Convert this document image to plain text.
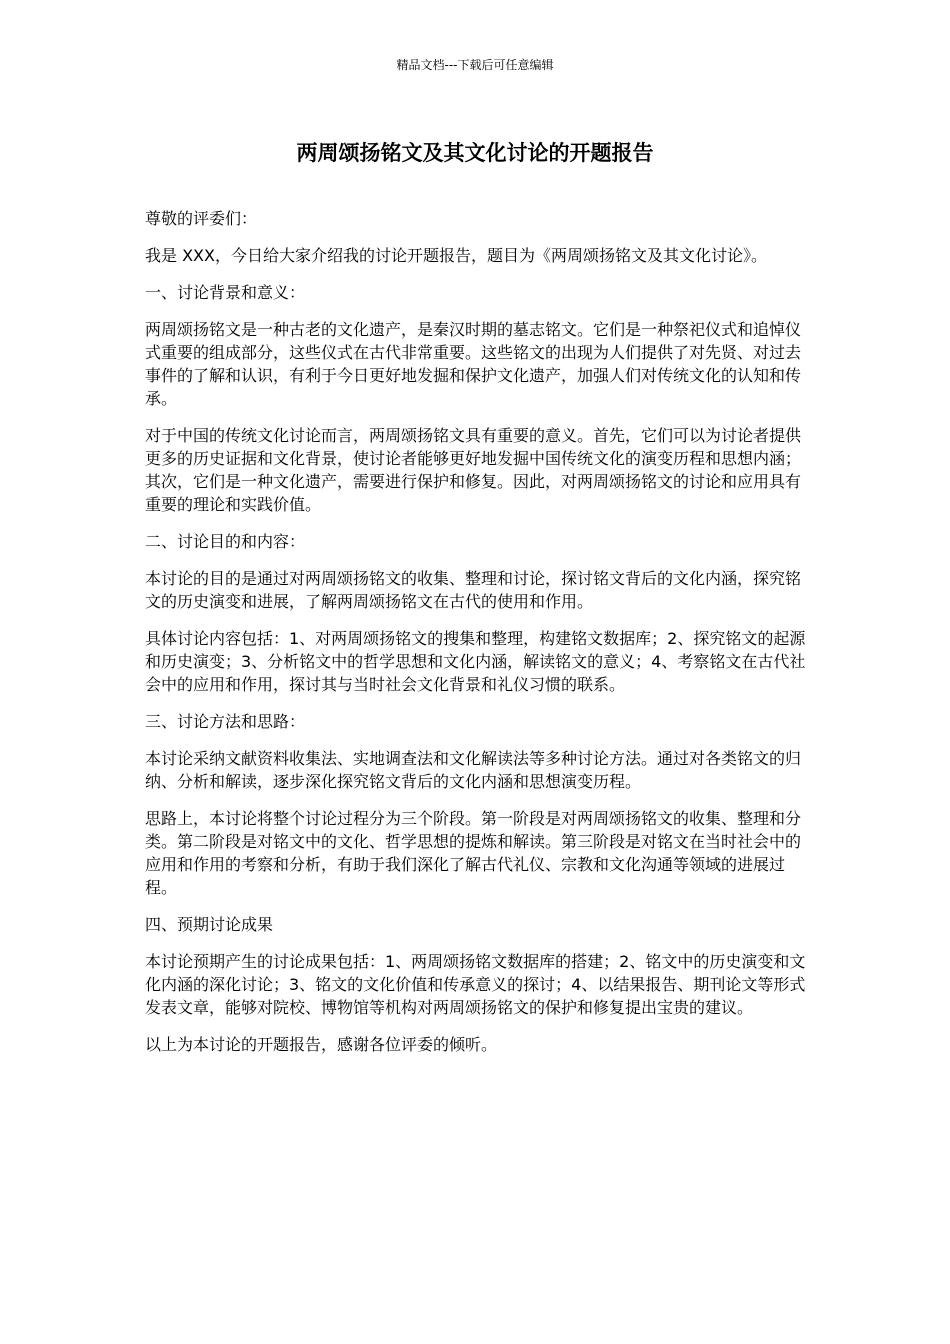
精品文档---下载后可任意编辑
两周颂扬铭文及其文化讨论的开题报告

尊敬的评委们：

我是 XXX，今日给大家介绍我的讨论开题报告，题目为《两周颂扬铭文及其文化讨论》。

一、讨论背景和意义：

两周颂扬铭文是一种古老的文化遗产，是秦汉时期的墓志铭文。它们是一种祭祀仪式和追悼仪式重要的组成部分，这些仪式在古代非常重要。这些铭文的出现为人们提供了对先贤、对过去事件的了解和认识，有利于今日更好地发掘和保护文化遗产，加强人们对传统文化的认知和传承。

对于中国的传统文化讨论而言，两周颂扬铭文具有重要的意义。首先，它们可以为讨论者提供更多的历史证据和文化背景，使讨论者能够更好地发掘中国传统文化的演变历程和思想内涵；其次，它们是一种文化遗产，需要进行保护和修复。因此，对两周颂扬铭文的讨论和应用具有重要的理论和实践价值。

二、讨论目的和内容：

本讨论的目的是通过对两周颂扬铭文的收集、整理和讨论，探讨铭文背后的文化内涵，探究铭文的历史演变和进展，了解两周颂扬铭文在古代的使用和作用。

具体讨论内容包括：1、对两周颂扬铭文的搜集和整理，构建铭文数据库；2、探究铭文的起源和历史演变；3、分析铭文中的哲学思想和文化内涵，解读铭文的意义；4、考察铭文在古代社会中的应用和作用，探讨其与当时社会文化背景和礼仪习惯的联系。

三、讨论方法和思路：

本讨论采纳文献资料收集法、实地调查法和文化解读法等多种讨论方法。通过对各类铭文的归纳、分析和解读，逐步深化探究铭文背后的文化内涵和思想演变历程。

思路上，本讨论将整个讨论过程分为三个阶段。第一阶段是对两周颂扬铭文的收集、整理和分类。第二阶段是对铭文中的文化、哲学思想的提炼和解读。第三阶段是对铭文在当时社会中的应用和作用的考察和分析，有助于我们深化了解古代礼仪、宗教和文化沟通等领域的进展过程。

四、预期讨论成果

本讨论预期产生的讨论成果包括：1、两周颂扬铭文数据库的搭建；2、铭文中的历史演变和文化内涵的深化讨论；3、铭文的文化价值和传承意义的探讨；4、以结果报告、期刊论文等形式发表文章，能够对院校、博物馆等机构对两周颂扬铭文的保护和修复提出宝贵的建议。

以上为本讨论的开题报告，感谢各位评委的倾听。
